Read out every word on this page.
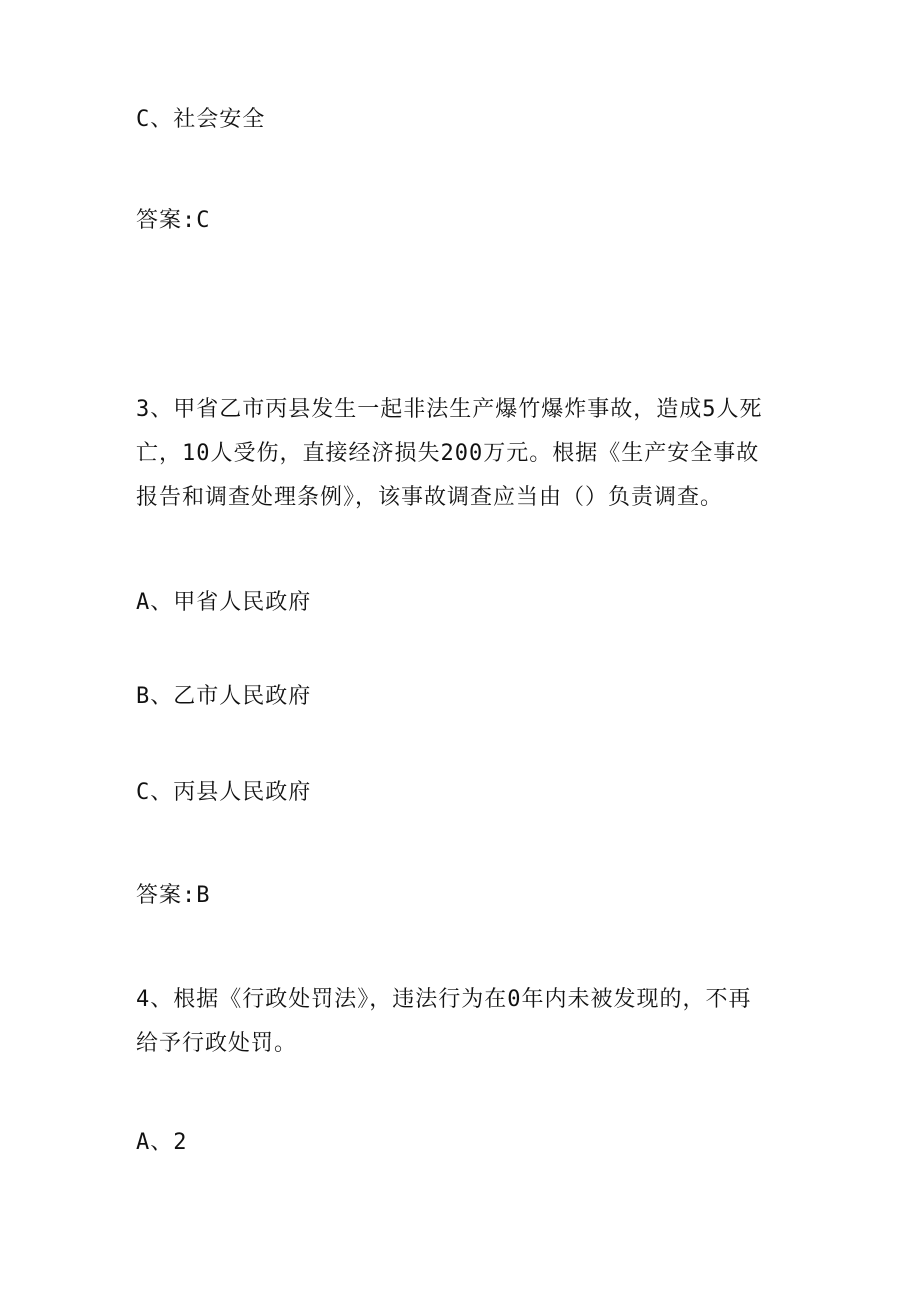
C、社会安全
答案:C
3、甲省乙市丙县发生一起非法生产爆竹爆炸事故，造成5人死
亡，10人受伤，直接经济损失200万元。根据《生产安全事故
报告和调查处理条例》，该事故调查应当由（）负责调查。
A、甲省人民政府
B、乙市人民政府
C、丙县人民政府
答案:B
4、根据《行政处罚法》，违法行为在0年内未被发现的，不再
给予行政处罚。
A、2
